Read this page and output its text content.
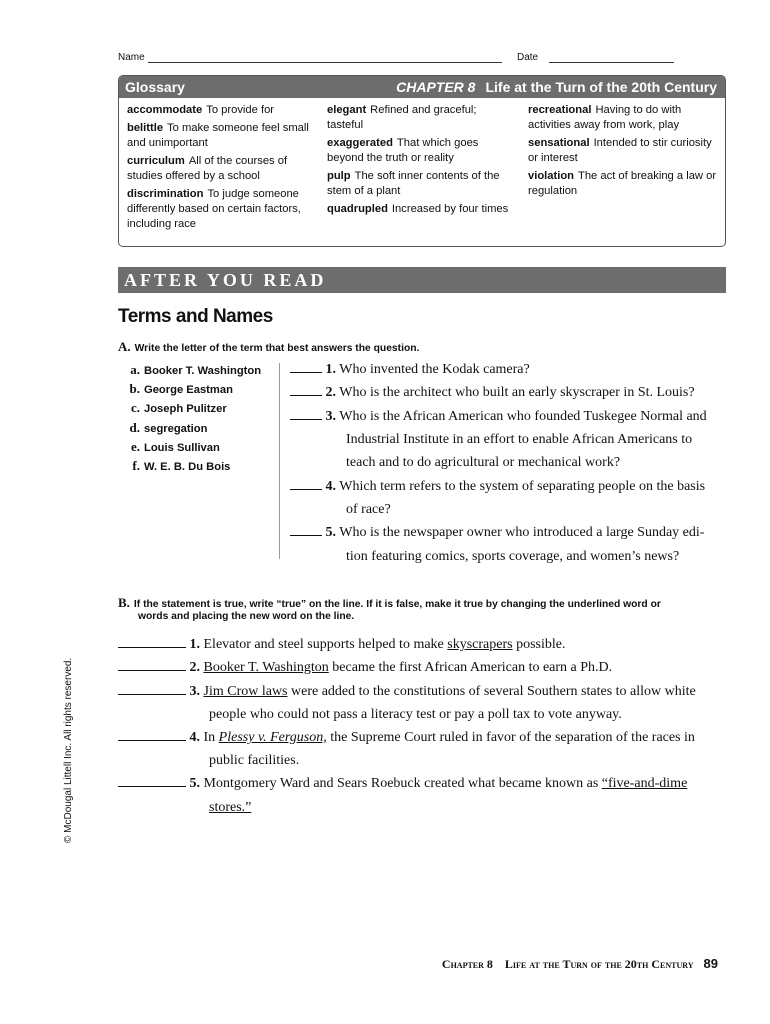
Name	Date
Glossary	CHAPTER 8 Life at the Turn of the 20th Century
accommodate To provide for
belittle To make someone feel small and unimportant
curriculum All of the courses of studies offered by a school
discrimination To judge someone differently based on certain factors, including race
elegant Refined and graceful; tasteful
exaggerated That which goes beyond the truth or reality
pulp The soft inner contents of the stem of a plant
quadrupled Increased by four times
recreational Having to do with activities away from work, play
sensational Intended to stir curiosity or interest
violation The act of breaking a law or regulation
AFTER YOU READ
Terms and Names
A. Write the letter of the term that best answers the question.
a. Booker T. Washington
b. George Eastman
c. Joseph Pulitzer
d. segregation
e. Louis Sullivan
f. W. E. B. Du Bois
1. Who invented the Kodak camera?
2. Who is the architect who built an early skyscraper in St. Louis?
3. Who is the African American who founded Tuskegee Normal and
Industrial Institute in an effort to enable African Americans to
teach and to do agricultural or mechanical work?
4. Which term refers to the system of separating people on the basis
of race?
5. Who is the newspaper owner who introduced a large Sunday edi-
tion featuring comics, sports coverage, and women’s news?
B. If the statement is true, write “true” on the line. If it is false, make it true by changing the underlined word or
words and placing the new word on the line.
1. Elevator and steel supports helped to make skyscrapers possible.
2. Booker T. Washington became the first African American to earn a Ph.D.
3. Jim Crow laws were added to the constitutions of several Southern states to allow white
people who could not pass a literacy test or pay a poll tax to vote anyway.
4. In Plessy v. Ferguson, the Supreme Court ruled in favor of the separation of the races in
public facilities.
5. Montgomery Ward and Sears Roebuck created what became known as “five-and-dime
stores.”
© McDougal Littell Inc. All rights reserved.
Chapter 8 Life at the Turn of the 20th Century 89
